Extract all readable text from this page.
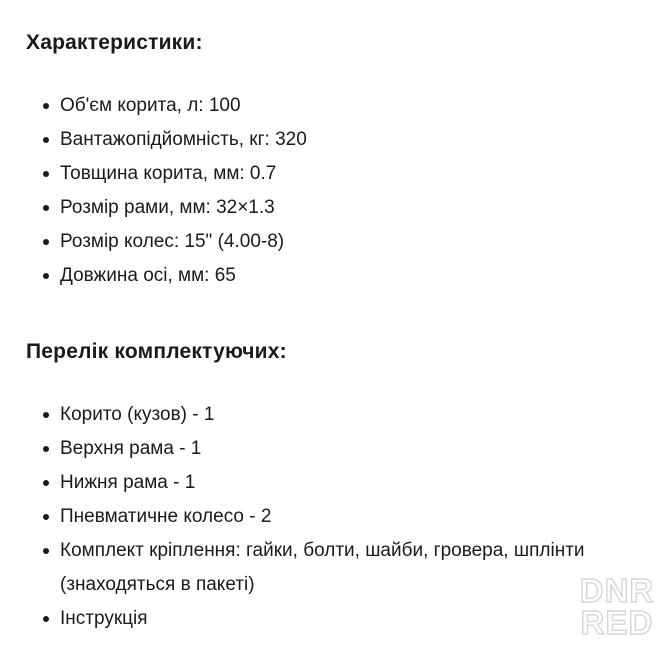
Характеристики:
Об'єм корита, л: 100
Вантажопідйомність, кг: 320
Товщина корита, мм: 0.7
Розмір рами, мм: 32×1.3
Розмір колес: 15" (4.00-8)
Довжина осі, мм: 65
Перелік комплектуючих:
Корито (кузов) - 1
Верхня рама - 1
Нижня рама - 1
Пневматичне колесо - 2
Комплект кріплення: гайки, болти, шайби, гровера, шплінти (знаходяться в пакеті)
Інструкція
DNR
RED
